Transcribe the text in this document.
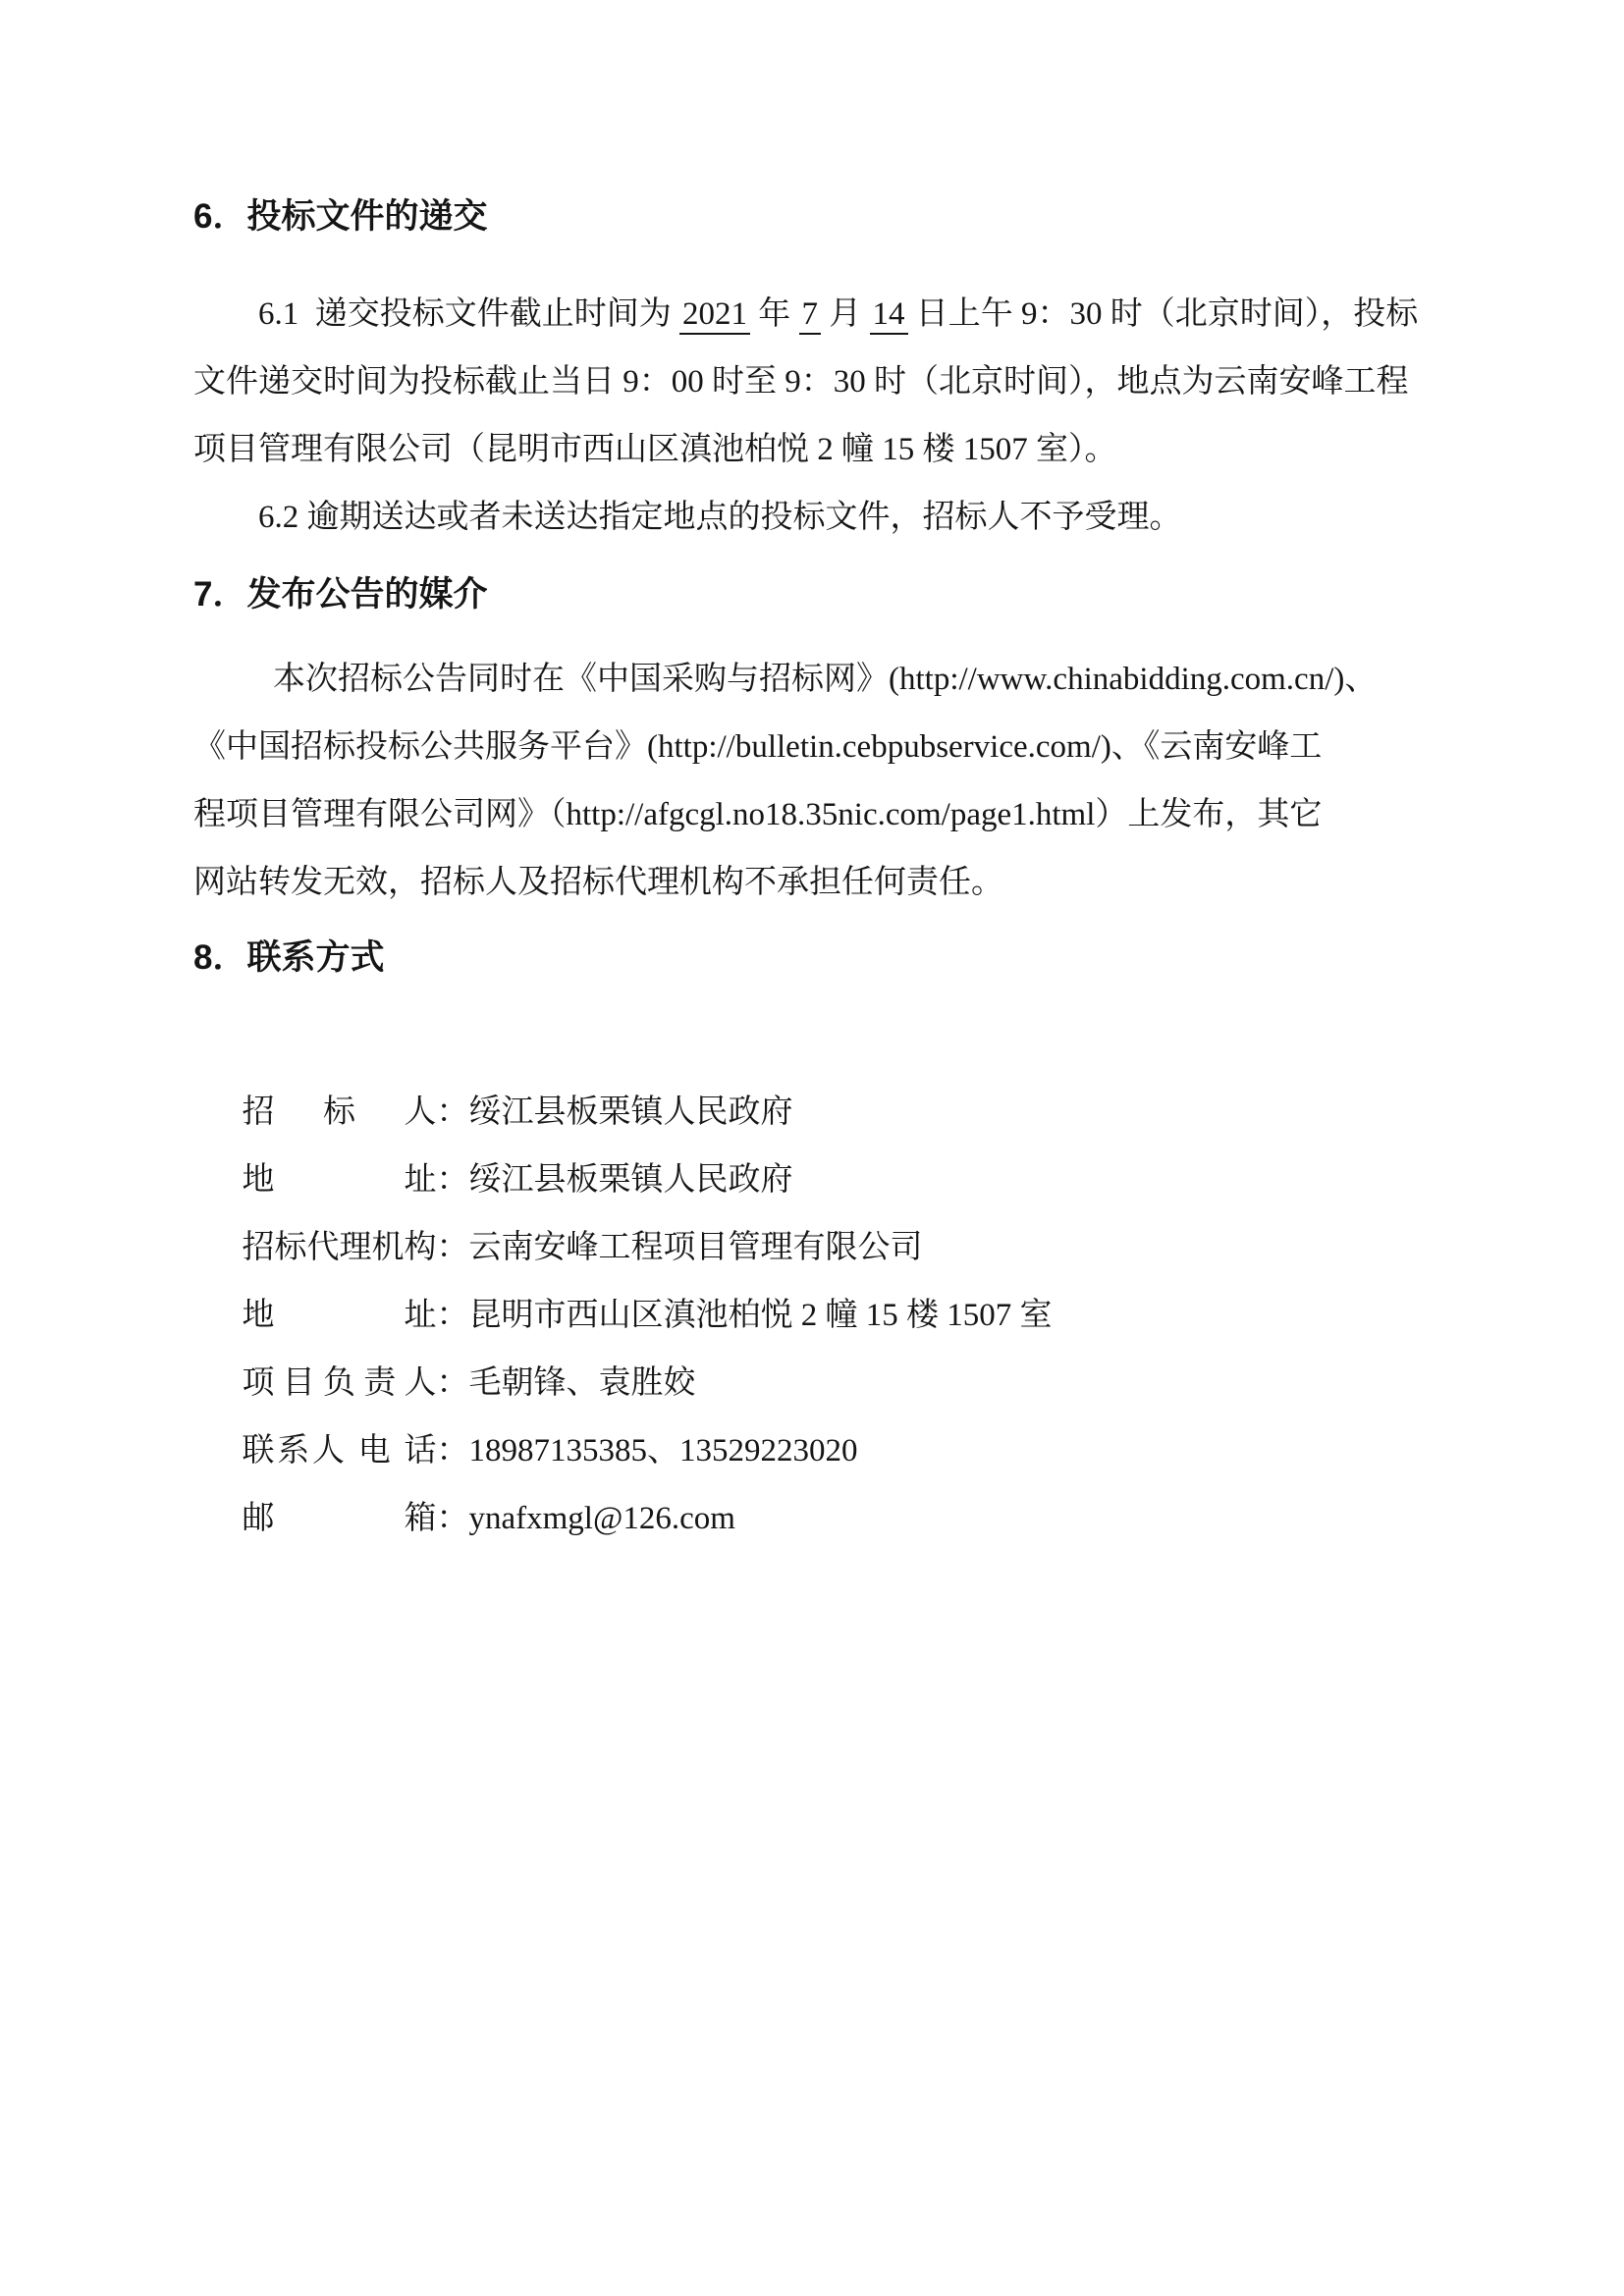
6．投标文件的递交
6.1  递交投标文件截止时间为 2021 年 7 月 14 日上午 9：30 时（北京时间），投标
文件递交时间为投标截止当日 9：00 时至 9：30 时（北京时间），地点为云南安峰工程
项目管理有限公司（昆明市西山区滇池柏悦 2 幢 15 楼 1507 室）。
6.2 逾期送达或者未送达指定地点的投标文件，招标人不予受理。
7．发布公告的媒介
本次招标公告同时在《中国采购与招标网》(http://www.chinabidding.com.cn/)、
《中国招标投标公共服务平台》(http://bulletin.cebpubservice.com/)、《云南安峰工
程项目管理有限公司网》（http://afgcgl.no18.35nic.com/page1.html）上发布，其它
网站转发无效，招标人及招标代理机构不承担任何责任。
8．联系方式

招 标 人：绥江县板栗镇人民政府

地 址：绥江县板栗镇人民政府

招标代理机构：云南安峰工程项目管理有限公司

地 址：昆明市西山区滇池柏悦 2 幢 15 楼 1507 室

项目负责人：毛朝锋、袁胜姣

联系人 电 话：18987135385、13529223020

邮 箱：ynafxmgl@126.com
